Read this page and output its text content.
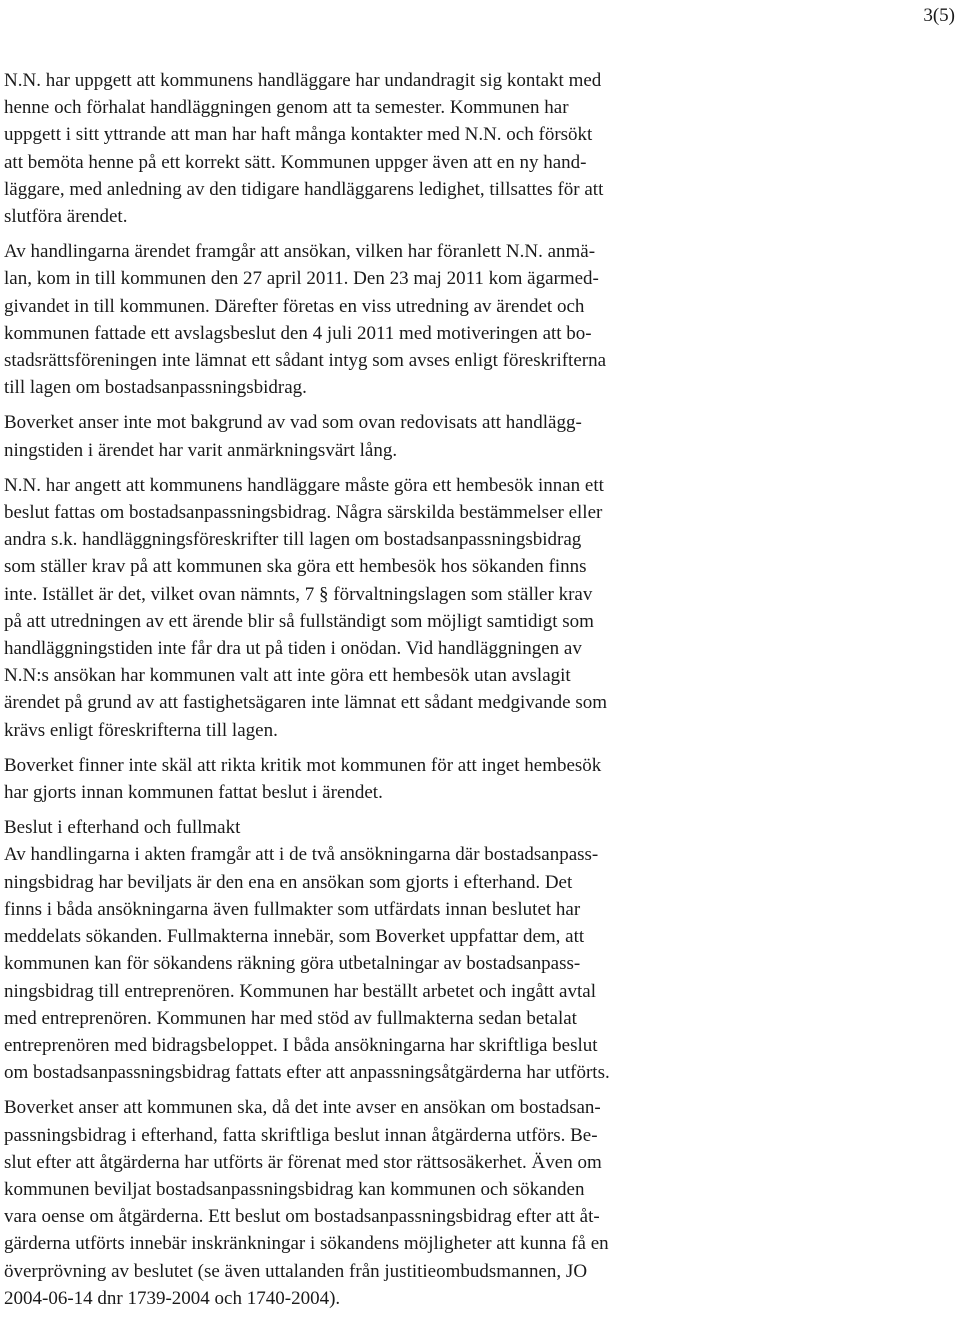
3(5)

N.N. har uppgett att kommunens handläggare har undandragit sig kontakt med
henne och förhalat handläggningen genom att ta semester. Kommunen har
uppgett i sitt yttrande att man har haft många kontakter med N.N. och försökt
att bemöta henne på ett korrekt sätt. Kommunen uppger även att en ny hand-
läggare, med anledning av den tidigare handläggarens ledighet, tillsattes för att
slutföra ärendet.

Av handlingarna ärendet framgår att ansökan, vilken har föranlett N.N. anmä-
lan, kom in till kommunen den 27 april 2011. Den 23 maj 2011 kom ägarmed-
givandet in till kommunen. Därefter företas en viss utredning av ärendet och
kommunen fattade ett avslagsbeslut den 4 juli 2011 med motiveringen att bo-
stadsrättsföreningen inte lämnat ett sådant intyg som avses enligt föreskrifterna
till lagen om bostadsanpassningsbidrag.

Boverket anser inte mot bakgrund av vad som ovan redovisats att handlägg-
ningstiden i ärendet har varit anmärkningsvärt lång.

N.N. har angett att kommunens handläggare måste göra ett hembesök innan ett
beslut fattas om bostadsanpassningsbidrag. Några särskilda bestämmelser eller
andra s.k. handläggningsföreskrifter till lagen om bostadsanpassningsbidrag
som ställer krav på att kommunen ska göra ett hembesök hos sökanden finns
inte. Istället är det, vilket ovan nämnts, 7 § förvaltningslagen som ställer krav
på att utredningen av ett ärende blir så fullständigt som möjligt samtidigt som
handläggningstiden inte får dra ut på tiden i onödan. Vid handläggningen av
N.N:s ansökan har kommunen valt att inte göra ett hembesök utan avslagit
ärendet på grund av att fastighetsägaren inte lämnat ett sådant medgivande som
krävs enligt föreskrifterna till lagen.

Boverket finner inte skäl att rikta kritik mot kommunen för att inget hembesök
har gjorts innan kommunen fattat beslut i ärendet.

Beslut i efterhand och fullmakt

Av handlingarna i akten framgår att i de två ansökningarna där bostadsanpass-
ningsbidrag har beviljats är den ena en ansökan som gjorts i efterhand. Det
finns i båda ansökningarna även fullmakter som utfärdats innan beslutet har
meddelats sökanden. Fullmakterna innebär, som Boverket uppfattar dem, att
kommunen kan för sökandens räkning göra utbetalningar av bostadsanpass-
ningsbidrag till entreprenören. Kommunen har beställt arbetet och ingått avtal
med entreprenören. Kommunen har med stöd av fullmakterna sedan betalat
entreprenören med bidragsbeloppet. I båda ansökningarna har skriftliga beslut
om bostadsanpassningsbidrag fattats efter att anpassningsåtgärderna har utförts.

Boverket anser att kommunen ska, då det inte avser en ansökan om bostadsan-
passningsbidrag i efterhand, fatta skriftliga beslut innan åtgärderna utförs. Be-
slut efter att åtgärderna har utförts är förenat med stor rättsosäkerhet. Även om
kommunen beviljat bostadsanpassningsbidrag kan kommunen och sökanden
vara oense om åtgärderna. Ett beslut om bostadsanpassningsbidrag efter att åt-
gärderna utförts innebär inskränkningar i sökandens möjligheter att kunna få en
överprövning av beslutet (se även uttalanden från justitieombudsmannen, JO
2004-06-14 dnr 1739-2004 och 1740-2004).
